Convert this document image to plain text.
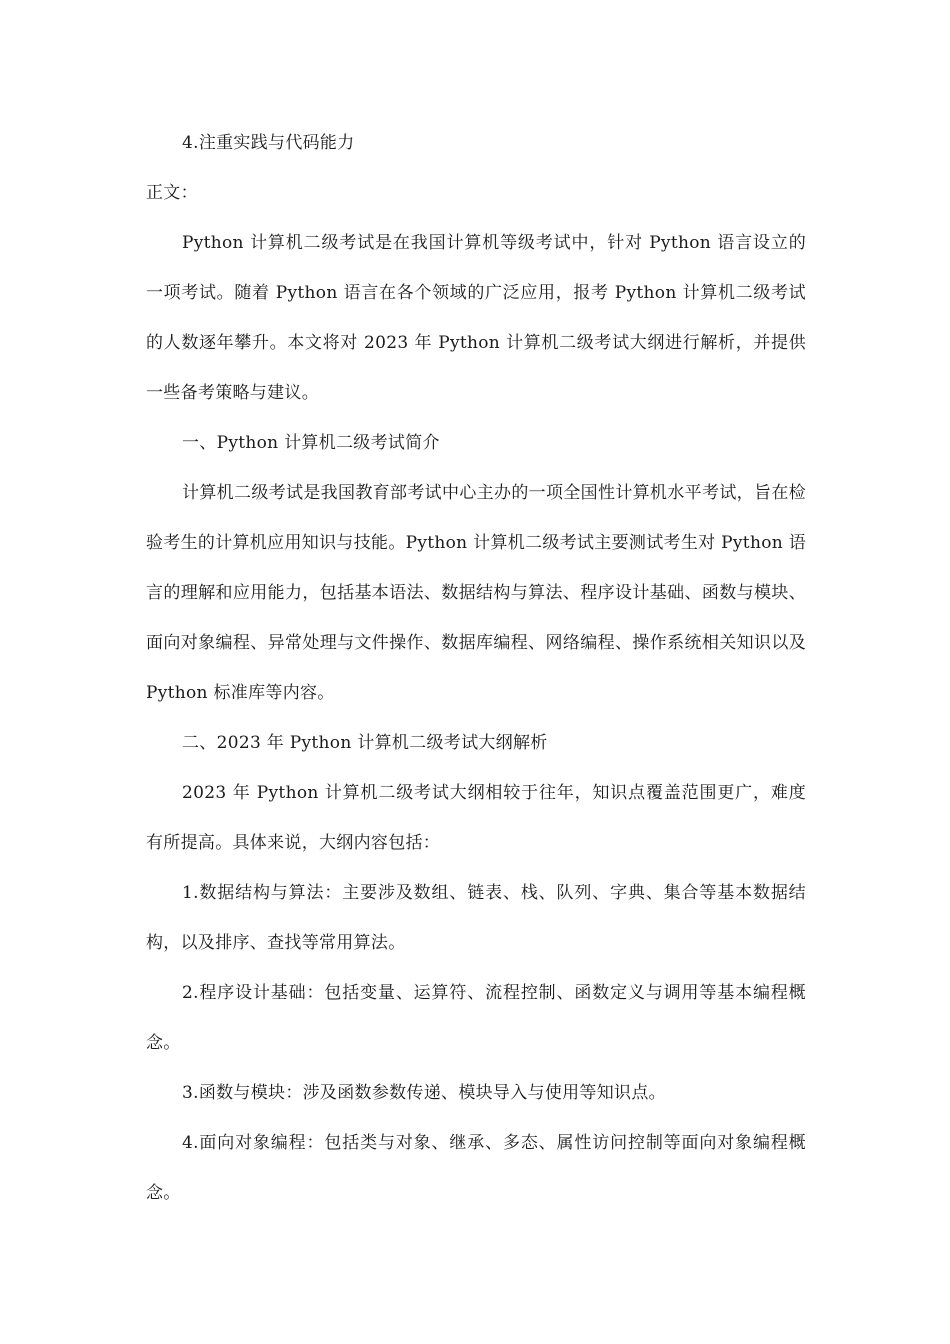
4.注重实践与代码能力

正文：

Python 计算机二级考试是在我国计算机等级考试中，针对 Python 语言设立的一项考试。随着 Python 语言在各个领域的广泛应用，报考 Python 计算机二级考试的人数逐年攀升。本文将对 2023 年 Python 计算机二级考试大纲进行解析，并提供一些备考策略与建议。

一、Python 计算机二级考试简介

计算机二级考试是我国教育部考试中心主办的一项全国性计算机水平考试，旨在检验考生的计算机应用知识与技能。Python 计算机二级考试主要测试考生对 Python 语言的理解和应用能力，包括基本语法、数据结构与算法、程序设计基础、函数与模块、面向对象编程、异常处理与文件操作、数据库编程、网络编程、操作系统相关知识以及 Python 标准库等内容。

二、2023 年 Python 计算机二级考试大纲解析

2023 年 Python 计算机二级考试大纲相较于往年，知识点覆盖范围更广，难度有所提高。具体来说，大纲内容包括：

1.数据结构与算法：主要涉及数组、链表、栈、队列、字典、集合等基本数据结构，以及排序、查找等常用算法。

2.程序设计基础：包括变量、运算符、流程控制、函数定义与调用等基本编程概念。

3.函数与模块：涉及函数参数传递、模块导入与使用等知识点。

4.面向对象编程：包括类与对象、继承、多态、属性访问控制等面向对象编程概念。
